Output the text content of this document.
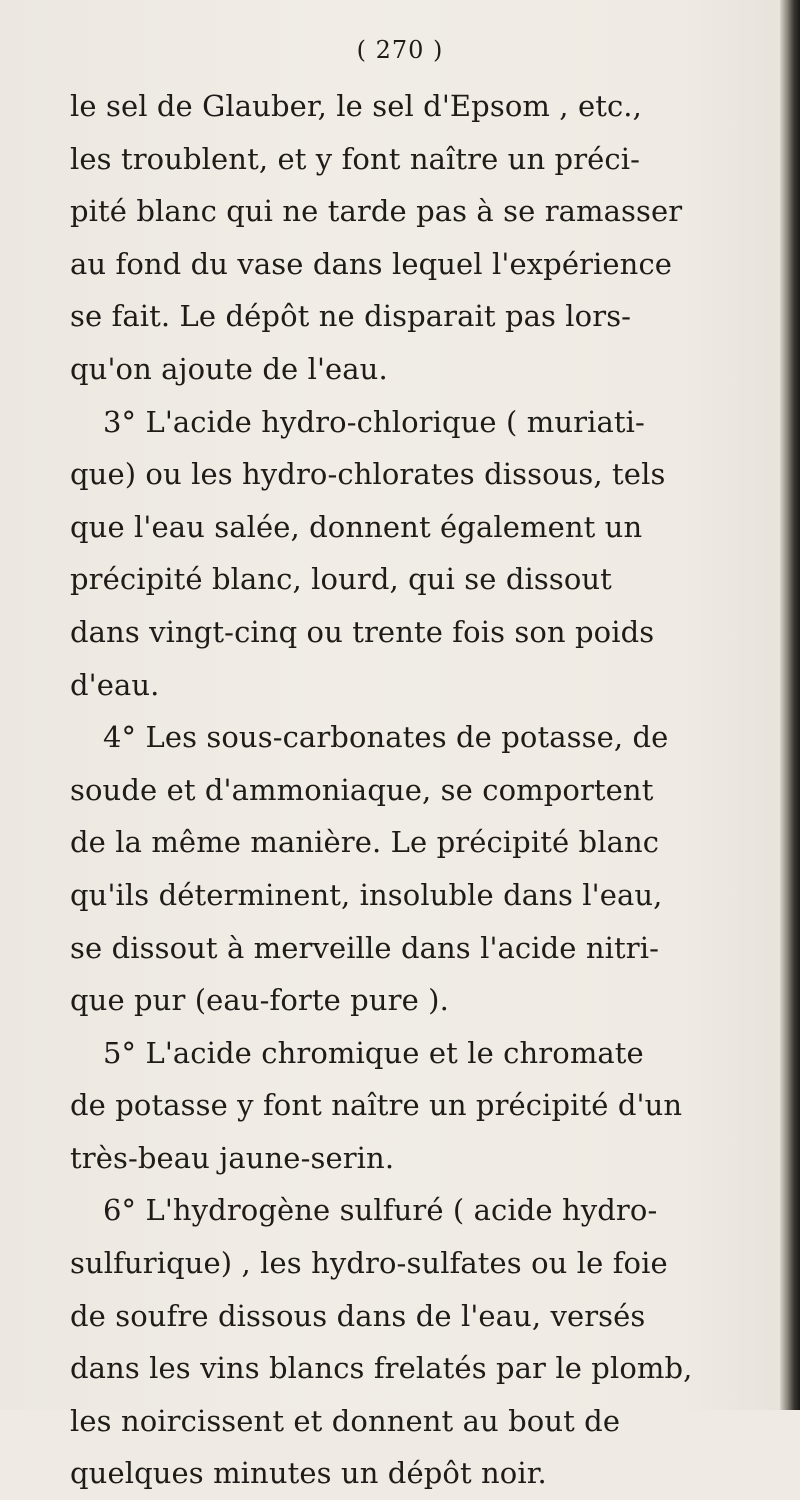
( 270 )
le sel de Glauber, le sel d'Epsom , etc.,
les troublent, et y font naître un préci-
pité blanc qui ne tarde pas à se ramasser
au fond du vase dans lequel l'expérience
se fait. Le dépôt ne disparait pas lors-
qu'on ajoute de l'eau.
3° L'acide hydro-chlorique ( muriati-
que) ou les hydro-chlorates dissous, tels
que l'eau salée, donnent également un
précipité blanc, lourd, qui se dissout
dans vingt-cinq ou trente fois son poids
d'eau.
4° Les sous-carbonates de potasse, de
soude et d'ammoniaque, se comportent
de la même manière. Le précipité blanc
qu'ils déterminent, insoluble dans l'eau,
se dissout à merveille dans l'acide nitri-
que pur (eau-forte pure ).
5° L'acide chromique et le chromate
de potasse y font naître un précipité d'un
très-beau jaune-serin.
6° L'hydrogène sulfuré ( acide hydro-
sulfurique) , les hydro-sulfates ou le foie
de soufre dissous dans de l'eau, versés
dans les vins blancs frelatés par le plomb,
les noircissent et donnent au bout de
quelques minutes un dépôt noir.
